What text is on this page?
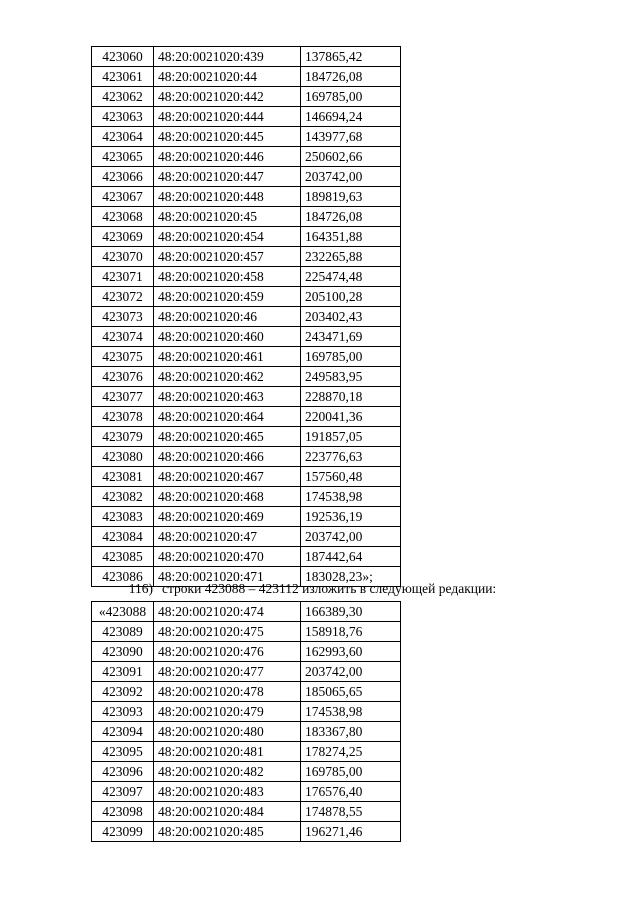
423060	48:20:0021020:439	137865,42
423061	48:20:0021020:44	184726,08
423062	48:20:0021020:442	169785,00
423063	48:20:0021020:444	146694,24
423064	48:20:0021020:445	143977,68
423065	48:20:0021020:446	250602,66
423066	48:20:0021020:447	203742,00
423067	48:20:0021020:448	189819,63
423068	48:20:0021020:45	184726,08
423069	48:20:0021020:454	164351,88
423070	48:20:0021020:457	232265,88
423071	48:20:0021020:458	225474,48
423072	48:20:0021020:459	205100,28
423073	48:20:0021020:46	203402,43
423074	48:20:0021020:460	243471,69
423075	48:20:0021020:461	169785,00
423076	48:20:0021020:462	249583,95
423077	48:20:0021020:463	228870,18
423078	48:20:0021020:464	220041,36
423079	48:20:0021020:465	191857,05
423080	48:20:0021020:466	223776,63
423081	48:20:0021020:467	157560,48
423082	48:20:0021020:468	174538,98
423083	48:20:0021020:469	192536,19
423084	48:20:0021020:47	203742,00
423085	48:20:0021020:470	187442,64
423086	48:20:0021020:471	183028,23»;
116) строки 423088 – 423112 изложить в следующей редакции:
«423088	48:20:0021020:474	166389,30
423089	48:20:0021020:475	158918,76
423090	48:20:0021020:476	162993,60
423091	48:20:0021020:477	203742,00
423092	48:20:0021020:478	185065,65
423093	48:20:0021020:479	174538,98
423094	48:20:0021020:480	183367,80
423095	48:20:0021020:481	178274,25
423096	48:20:0021020:482	169785,00
423097	48:20:0021020:483	176576,40
423098	48:20:0021020:484	174878,55
423099	48:20:0021020:485	196271,46
